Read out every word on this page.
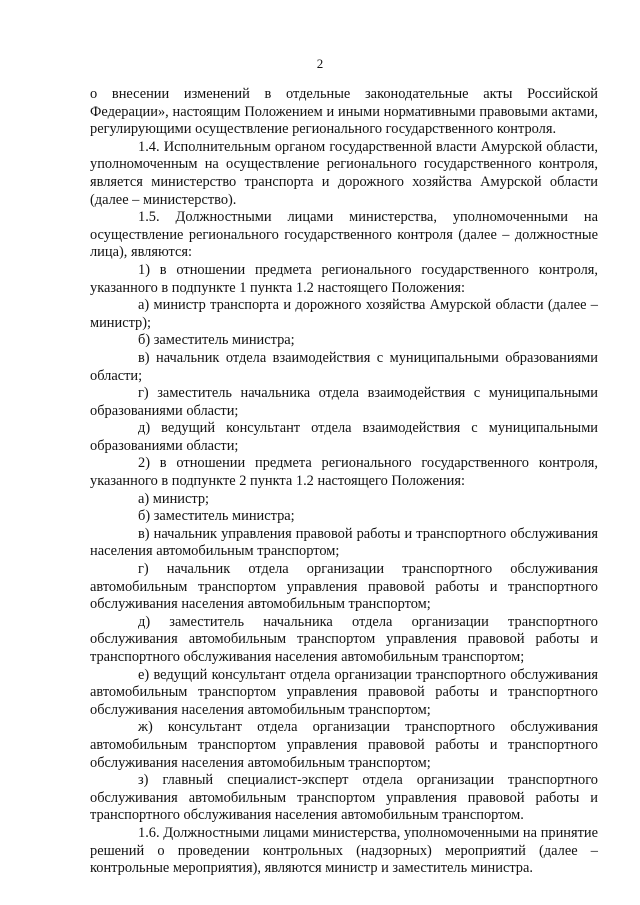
2

о внесении изменений в отдельные законодательные акты Российской Федерации», настоящим Положением и иными нормативными правовыми актами, регулирующими осуществление регионального государственного контроля.

1.4. Исполнительным органом государственной власти Амурской области, уполномоченным на осуществление регионального государственного контроля, является министерство транспорта и дорожного хозяйства Амурской области (далее – министерство).

1.5. Должностными лицами министерства, уполномоченными на осуществление регионального государственного контроля (далее – должностные лица), являются:

1) в отношении предмета регионального государственного контроля, указанного в подпункте 1 пункта 1.2 настоящего Положения:

а) министр транспорта и дорожного хозяйства Амурской области (далее – министр);

б) заместитель министра;

в) начальник отдела взаимодействия с муниципальными образованиями области;

г) заместитель начальника отдела взаимодействия с муниципальными образованиями области;

д) ведущий консультант отдела взаимодействия с муниципальными образованиями области;

2) в отношении предмета регионального государственного контроля, указанного в подпункте 2 пункта 1.2 настоящего Положения:

а) министр;

б) заместитель министра;

в) начальник управления правовой работы и транспортного обслуживания населения автомобильным транспортом;

г) начальник отдела организации транспортного обслуживания автомобильным транспортом управления правовой работы и транспортного обслуживания населения автомобильным транспортом;

д) заместитель начальника отдела организации транспортного обслуживания автомобильным транспортом управления правовой работы и транспортного обслуживания населения автомобильным транспортом;

е) ведущий консультант отдела организации транспортного обслуживания автомобильным транспортом управления правовой работы и транспортного обслуживания населения автомобильным транспортом;

ж) консультант отдела организации транспортного обслуживания автомобильным транспортом управления правовой работы и транспортного обслуживания населения автомобильным транспортом;

з) главный специалист-эксперт отдела организации транспортного обслуживания автомобильным транспортом управления правовой работы и транспортного обслуживания населения автомобильным транспортом.

1.6. Должностными лицами министерства, уполномоченными на принятие решений о проведении контрольных (надзорных) мероприятий (далее – контрольные мероприятия), являются министр и заместитель министра.
